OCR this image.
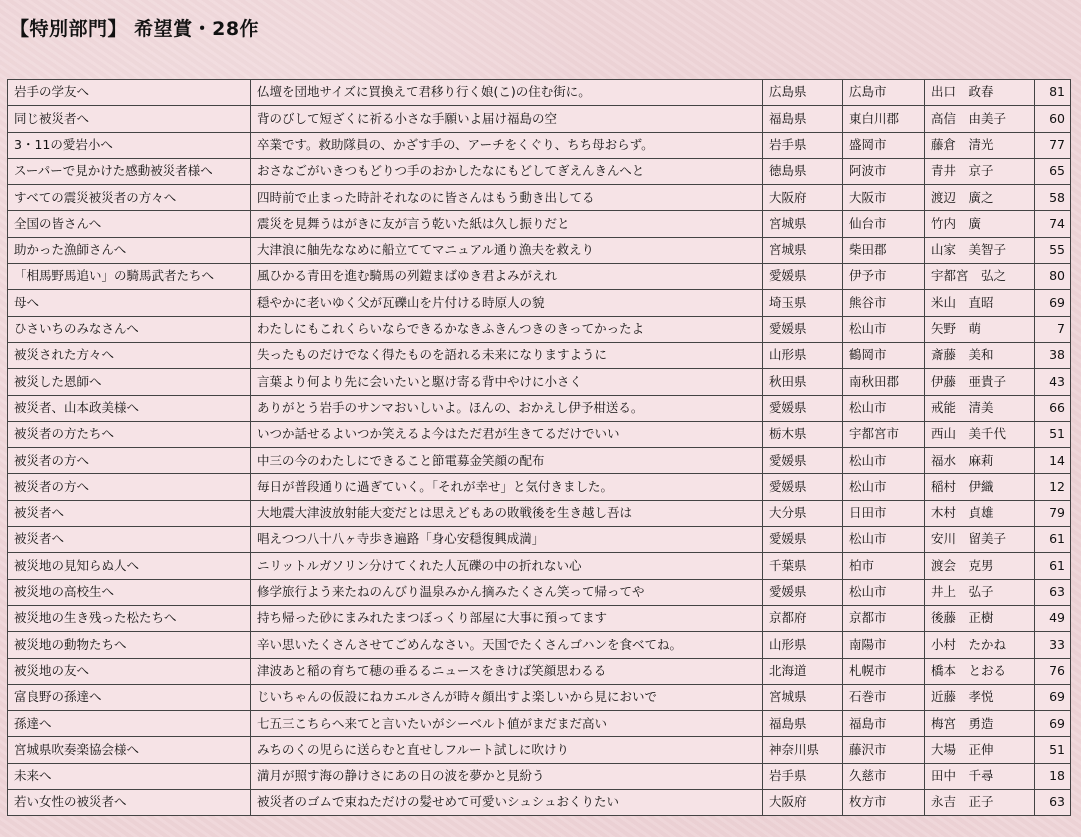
【特別部門】 希望賞・28作
岩手の学友へ	仏壇を団地サイズに買換えて君移り行く娘(こ)の住む街に。	広島県	広島市	出口　政春	81
同じ被災者へ	背のびして短ざくに祈る小さな手願いよ届け福島の空	福島県	東白川郡	高信　由美子	60
3・11の愛岩小へ	卒業です。救助隊員の、かざす手の、アーチをくぐり、ちち母おらず。	岩手県	盛岡市	藤倉　清光	77
スーパーで見かけた感動被災者様へ	おさなごがいきつもどりつ手のおかしたなにもどしてぎえんきんへと	徳島県	阿波市	青井　京子	65
すべての震災被災者の方々へ	四時前で止まった時計それなのに皆さんはもう動き出してる	大阪府	大阪市	渡辺　廣之	58
全国の皆さんへ	震災を見舞うはがきに友が言う乾いた紙は久し振りだと	宮城県	仙台市	竹内　廣	74
助かった漁師さんへ	大津浪に舳先ななめに船立ててマニュアル通り漁夫を救えり	宮城県	柴田郡	山家　美智子	55
「相馬野馬追い」の騎馬武者たちへ	風ひかる青田を進む騎馬の列鎧まばゆき君よみがえれ	愛媛県	伊予市	宇都宮　弘之	80
母へ	穏やかに老いゆく父が瓦礫山を片付ける時原人の貌	埼玉県	熊谷市	米山　直昭	69
ひさいちのみなさんへ	わたしにもこれくらいならできるかなきふきんつきのきってかったよ	愛媛県	松山市	矢野　萌	7
被災された方々へ	失ったものだけでなく得たものを語れる未来になりますように	山形県	鶴岡市	斎藤　美和	38
被災した恩師へ	言葉より何より先に会いたいと駆け寄る背中やけに小さく	秋田県	南秋田郡	伊藤　亜貴子	43
被災者、山本政美様へ	ありがとう岩手のサンマおいしいよ。ほんの、おかえし伊予柑送る。	愛媛県	松山市	戒能　清美	66
被災者の方たちへ	いつか話せるよいつか笑えるよ今はただ君が生きてるだけでいい	栃木県	宇都宮市	西山　美千代	51
被災者の方へ	中三の今のわたしにできること節電募金笑顔の配布	愛媛県	松山市	福水　麻莉	14
被災者の方へ	毎日が普段通りに過ぎていく。「それが幸せ」と気付きました。	愛媛県	松山市	稲村　伊織	12
被災者へ	大地震大津波放射能大変だとは思えどもあの敗戦後を生き越し吾は	大分県	日田市	木村　貞雄	79
被災者へ	唱えつつ八十八ヶ寺歩き遍路「身心安穏復興成満」	愛媛県	松山市	安川　留美子	61
被災地の見知らぬ人へ	ニリットルガソリン分けてくれた人瓦礫の中の折れない心	千葉県	柏市	渡会　克男	61
被災地の高校生へ	修学旅行よう来たねのんびり温泉みかん摘みたくさん笑って帰ってや	愛媛県	松山市	井上　弘子	63
被災地の生き残った松たちへ	持ち帰った砂にまみれたまつぼっくり部屋に大事に預ってます	京都府	京都市	後藤　正樹	49
被災地の動物たちへ	辛い思いたくさんさせてごめんなさい。天国でたくさんゴハンを食べてね。	山形県	南陽市	小村　たかね	33
被災地の友へ	津波あと稲の育ちて穂の垂るるニュースをきけば笑顔思わるる	北海道	札幌市	橋本　とおる	76
富良野の孫達へ	じいちゃんの仮設にねカエルさんが時々顔出すよ楽しいから見においで	宮城県	石巻市	近藤　孝悦	69
孫達へ	七五三こちらへ来てと言いたいがシーベルト値がまだまだ高い	福島県	福島市	梅宮　勇造	69
宮城県吹奏楽協会様へ	みちのくの児らに送らむと直せしフルート試しに吹けり	神奈川県	藤沢市	大場　正伸	51
未来へ	満月が照す海の静けさにあの日の波を夢かと見紛う	岩手県	久慈市	田中　千尋	18
若い女性の被災者へ	被災者のゴムで束ねただけの髪せめて可愛いシュシュおくりたい	大阪府	枚方市	永吉　正子	63
